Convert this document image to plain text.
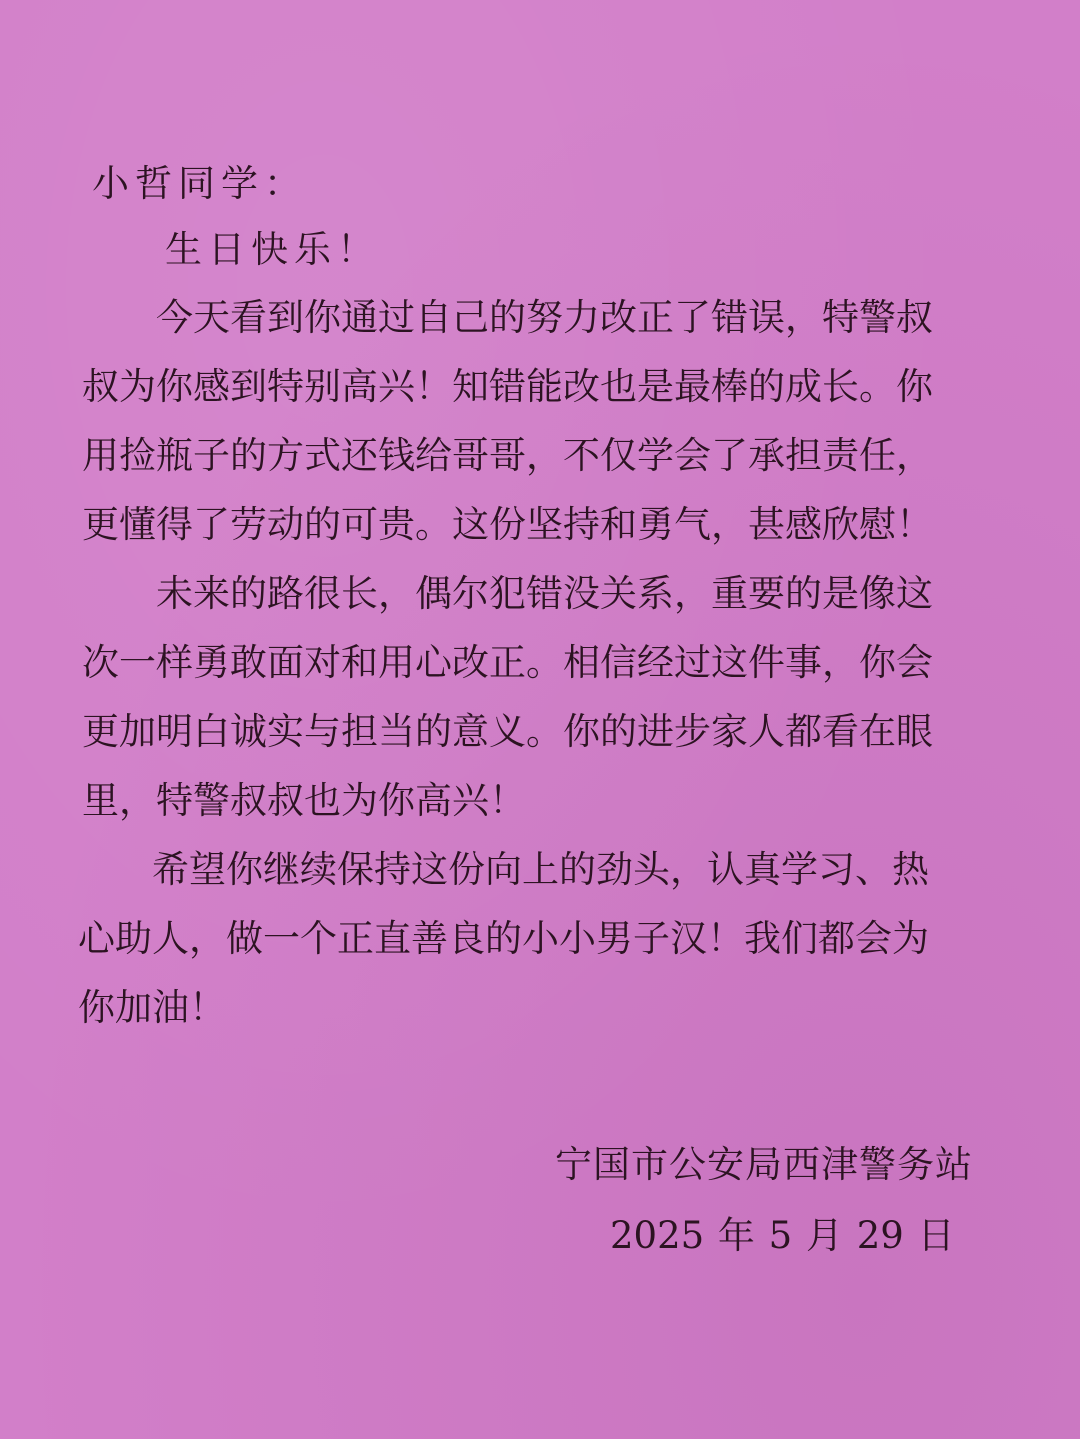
小哲同学：
生日快乐！
　　今天看到你通过自己的努力改正了错误，特警叔
叔为你感到特别高兴！知错能改也是最棒的成长。你
用捡瓶子的方式还钱给哥哥，不仅学会了承担责任，
更懂得了劳动的可贵。这份坚持和勇气，甚感欣慰！
　　未来的路很长，偶尔犯错没关系，重要的是像这
次一样勇敢面对和用心改正。相信经过这件事，你会
更加明白诚实与担当的意义。你的进步家人都看在眼
里，特警叔叔也为你高兴！
　　希望你继续保持这份向上的劲头，认真学习、热
心助人，做一个正直善良的小小男子汉！我们都会为
你加油！
宁国市公安局西津警务站
2025 年 5 月 29 日
